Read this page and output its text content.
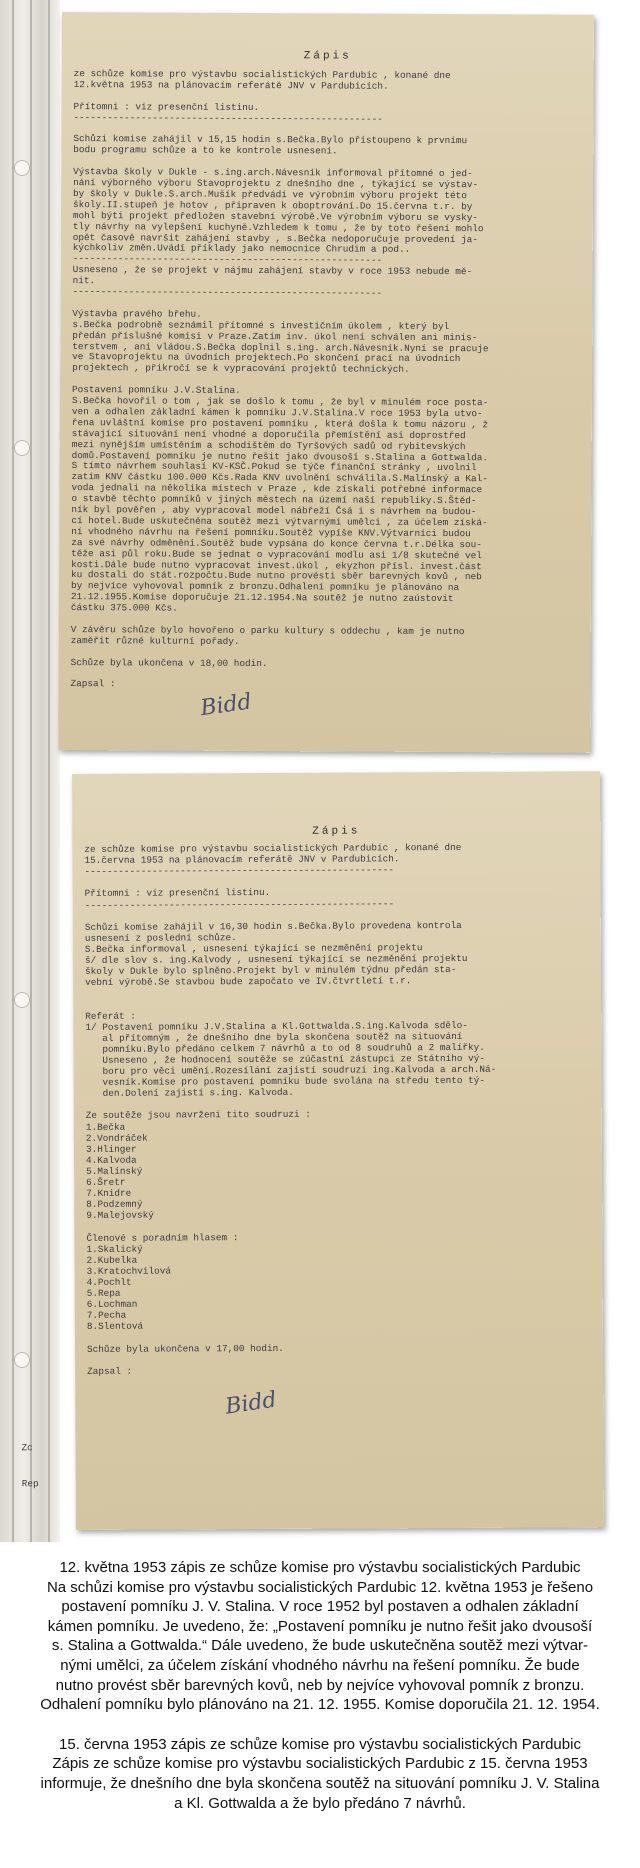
Zápis
ze schůze komise pro výstavbu socialistických Pardubic , konané dne
12.května 1953 na plánovacím referátě JNV v Pardubicích.
Přítomni : viz presenční listinu.
-------------------------------------------------------
Schůzi komise zahájil v 15,15 hodin s.Bečka.Bylo přistoupeno k prvnímu
bodu programu schůze a to ke kontrole usnesení.
Výstavba školy v Dukle - s.ing.arch.Návesník informoval přítomné o jed-
nání výborného výboru Stavoprojektu z dnešního dne , týkající se výstav-
by školy v Dukle.S.arch.Mušík předvádí ve výrobním výboru projekt této
školy.II.stupeň je hotov , připraven k oboptrování.Do 15.června t.r. by
mohl býti projekt předložen stavební výrobě.Ve výrobním výboru se vysky-
tly návrhy na vylepšení kuchyně.Vzhledem k tomu , že by toto řešení mohlo
opět časově navršit zahájení stavby , s.Bečka nedoporučuje provedení ja-
kýchkoliv změn.Uvádí příklady jako nemocnice Chrudim a pod..
-------------------------------------------------------
Usneseno , že se projekt v nájmu zahájení stavby v roce 1953 nebude mě-
nit.
-------------------------------------------------------
Výstavba pravého břehu.
s.Bečka podrobně seznámil přítomné s investičním úkolem , který byl
předán příslušné komisi v Praze.Zatím inv. úkol není schválen ani minis-
terstvem , ani vládou.S.Bečka doplnil s.ing. arch.Návesník.Nyní se pracuje
ve Stavoprojektu na úvodních projektech.Po skončení prací na úvodních
projektech , přikročí se k vypracování projektů technických.
Postavení pomníku J.V.Stalina.
S.Bečka hovořil o tom , jak se došlo k tomu , že byl v minulém roce posta-
ven a odhalen základní kámen k pomníku J.V.Stalina.V roce 1953 byla utvo-
řena uvláštní komise pro postavení pomníku , která došla k tomu názoru , ž
stávající situování není vhodné a doporučila přemístění asi doprostřed
mezi nynějším umístěním a schodištěm do Tyršových sadů od rybitevských
domů.Postavení pomníku je nutno řešit jako dvousoší s.Stalina a Gottwalda.
S tímto návrhem souhlasí KV-KSČ.Pokud se týče finanční stránky , uvolnil
zatím KNV částku 100.000 Kčs.Rada KNV uvolnění schválila.S.Malínský a Kal-
voda jednali na několika místech v Praze , kde získali potřebné informace
o stavbě těchto pomníků v jiných městech na území naší republiky.S.Štěd-
ník byl pověřen , aby vypracoval model nábřeží Čsá i s návrhem na budou-
cí hotel.Bude uskutečněna soutěž mezi výtvarnými umělci , za účelem získá-
ní vhodného návrhu na řešení pomníku.Soutěž vypíše KNV.Výtvarníci budou
za své návrhy odměněni.Soutěž bude vypsána do konce června t.r.Délka sou-
těže asi půl roku.Bude se jednat o vypracování modlu asi 1/8 skutečné vel
kosti.Dále bude nutno vypracovat invest.úkol , ekyzhon přísl. invest.část
ku dostali do stát.rozpočtu.Bude nutno provésti sběr barevných kovů , neb
by nejvíce vyhovoval pomník z bronzu.Odhalení pomníku je plánováno na
21.12.1955.Komise doporučuje 21.12.1954.Na soutěž je nutno zaústovit
částku 375.000 Kčs.
V závěru schůze bylo hovořeno o parku kultury s oddechu , kam je nutno
zaměřit různé kulturní pořady.
Schůze byla ukončena v 18,00 hodin.
Zapsal :
Bidd
Zápis
ze schůze komise pro výstavbu socialistických Pardubic , konané dne
15.června 1953 na plánovacím referátě JNV v Pardubicích.
-------------------------------------------------------
Přítomni : viz presenční listinu.
-------------------------------------------------------
Schůzi komise zahájil v 16,30 hodin s.Bečka.Bylo provedena kontrola
usnesení z poslední schůze.
S.Bečka informoval , usnesení týkající se nezměnění projektu
š/ dle slov s. ing.Kalvody , usnesení týkající se nezměnění projektu
školy v Dukle bylo splněno.Projekt byl v minulém týdnu předán sta-
vební výrobě.Se stavbou bude započato ve IV.čtvrtletí t.r.
Referát :
1/ Postavení pomníku J.V.Stalina a Kl.Gottwalda.S.ing.Kalvoda sdělo-
al přítomným , že dnešního dne byla skončena soutěž na situování
pomníku.Bylo předáno celkem 7 návrhů a to od 8 soudruhů a 2 malířky.
Usneseno , že hodnocení soutěže se zúčastní zástupci ze Státního vý-
boru pro věci umění.Rozesílání zajistí soudruzi ing.Kalvoda a arch.Ná-
vesník.Komise pro postavení pomníku bude svolána na středu tento tý-
den.Dolení zajistí s.ing. Kalvoda.
Ze soutěže jsou navrženi tito soudruzi :
1.Bečka
2.Vondráček
3.Hlinger
4.Kalvoda
5.Malínský
6.Šretr
7.Knidre
8.Podzemný
9.Malejovský
Členové s poradním hlasem :
1.Skalický
2.Kubelka
3.Kratochvilová
4.Pochlt
5.Repa
6.Lochman
7.Pecha
8.Slentová
Schůze byla ukončena v 17,00 hodin.
Zapsal :
Bidd
Zc
Rep

12. května 1953 zápis ze schůze komise pro výstavbu socialistických Pardubic

Na schůzi komise pro výstavbu socialistických Pardubic 12. května 1953 je řešeno

postavení pomníku J. V. Stalina. V roce 1952 byl postaven a odhalen základní

kámen pomníku. Je uvedeno, že: „Postavení pomníku je nutno řešit jako dvousoší

s. Stalina a Gottwalda.“ Dále uvedeno, že bude uskutečněna soutěž mezi výtvar-

nými umělci, za účelem získání vhodného návrhu na řešení pomníku. Že bude

nutno provést sběr barevných kovů, neb by nejvíce vyhovoval pomník z bronzu.

Odhalení pomníku bylo plánováno na 21. 12. 1955. Komise doporučila 21. 12. 1954.

15. června 1953 zápis ze schůze komise pro výstavbu socialistických Pardubic

Zápis ze schůze komise pro výstavbu socialistických Pardubic z 15. června 1953

informuje, že dnešního dne byla skončena soutěž na situování pomníku J. V. Stalina

a Kl. Gottwalda a že bylo předáno 7 návrhů.
